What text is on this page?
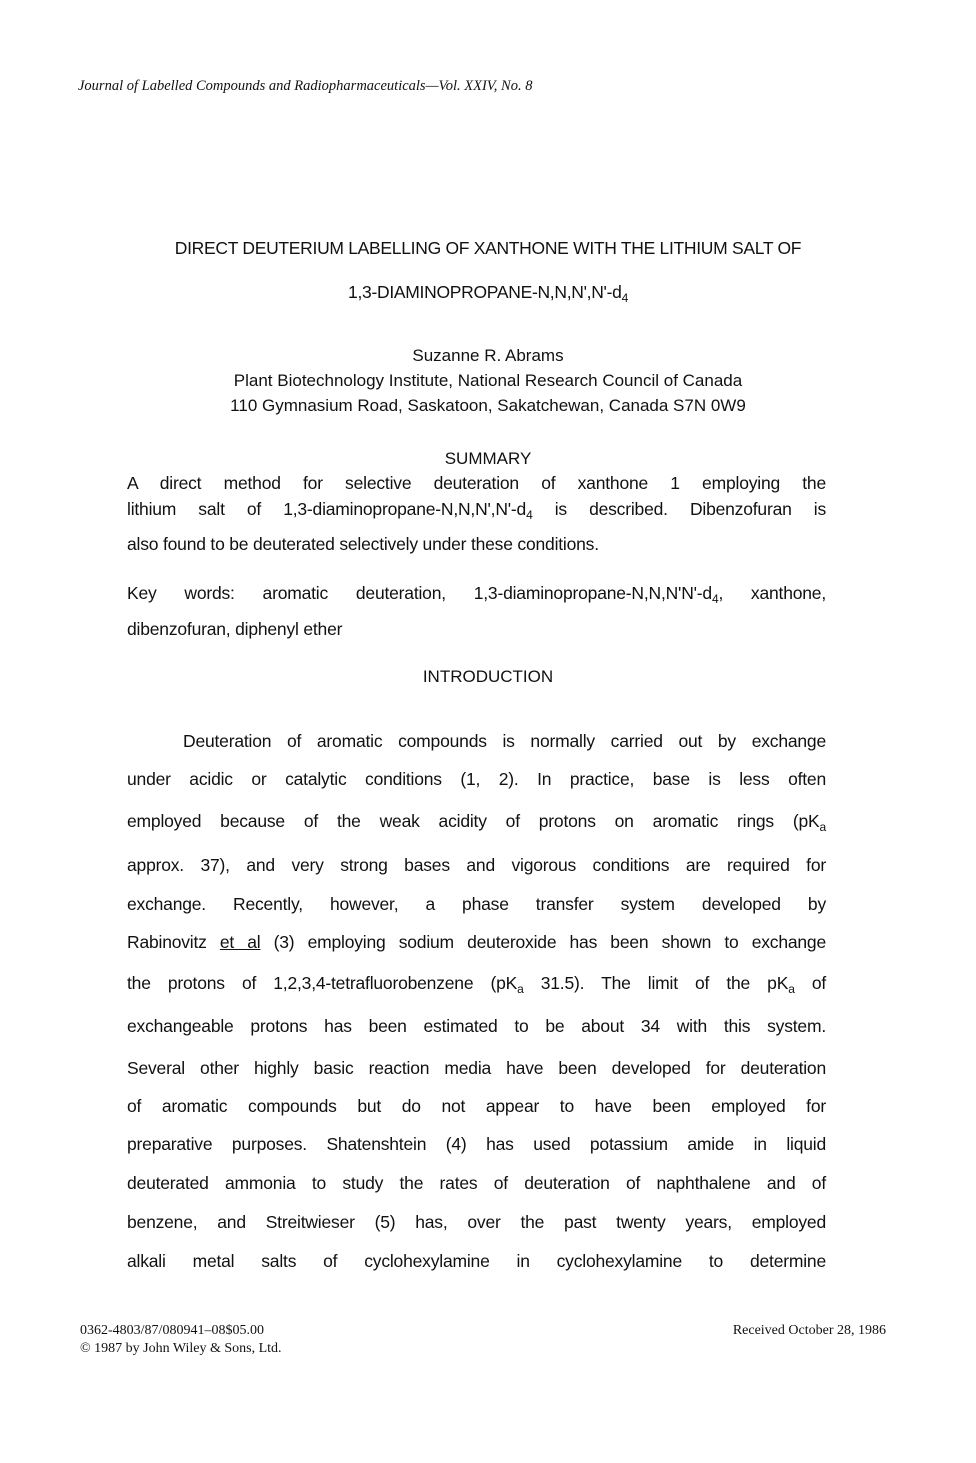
Journal of Labelled Compounds and Radiopharmaceuticals—Vol. XXIV, No. 8
DIRECT DEUTERIUM LABELLING OF XANTHONE WITH THE LITHIUM SALT OF
$1,3-DIAMINOPROPANE-N,N,N',N'-d_4$
Suzanne R. Abrams
Plant Biotechnology Institute, National Research Council of Canada
110 Gymnasium Road, Saskatoon, Sakatchewan, Canada S7N 0W9
SUMMARY
A direct method for selective deuteration of xanthone 1 employing the
lithium salt of $1,3-diaminopropane-N,N,N',N'-d_4$ is described. Dibenzofuran is
also found to be deuterated selectively under these conditions.
Key words: aromatic deuteration, $1,3-diaminopropane-N,N,N'N'-d_4$, xanthone,
dibenzofuran, diphenyl ether
INTRODUCTION
Deuteration of aromatic compounds is normally carried out by exchange
under acidic or catalytic conditions (1, 2). In practice, base is less often
employed because of the weak acidity of protons on aromatic rings ($pK_a$
approx. 37), and very strong bases and vigorous conditions are required for
exchange. Recently, however, a phase transfer system developed by
Rabinovitz et al (3) employing sodium deuteroxide has been shown to exchange
the protons of 1,2,3,4-tetrafluorobenzene ($pK_a$ 31.5). The limit of the $pK_a$ of
exchangeable protons has been estimated to be about 34 with this system.
Several other highly basic reaction media have been developed for deuteration
of aromatic compounds but do not appear to have been employed for
preparative purposes. Shatenshtein (4) has used potassium amide in liquid
deuterated ammonia to study the rates of deuteration of naphthalene and of
benzene, and Streitwieser (5) has, over the past twenty years, employed
alkali metal salts of cyclohexylamine in cyclohexylamine to determine
0362-4803/87/080941–08$05.00
© 1987 by John Wiley & Sons, Ltd.
Received October 28, 1986
